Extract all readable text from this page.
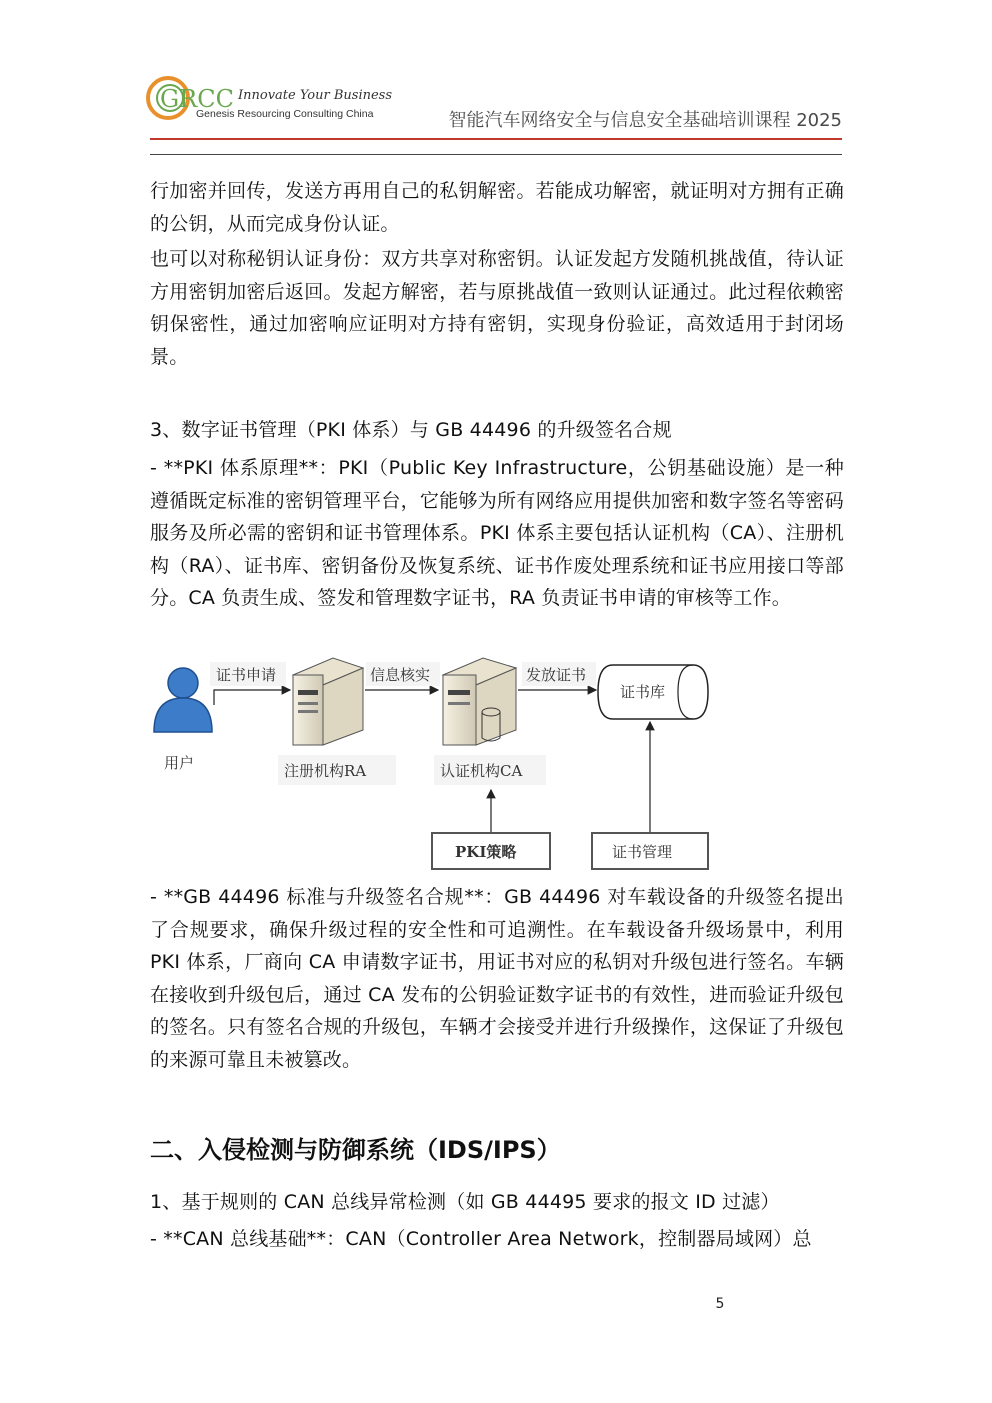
GRCC Innovate Your Business
Genesis Resourcing Consulting China	智能汽车网络安全与信息安全基础培训课程 2025
行加密并回传，发送方再用自己的私钥解密。若能成功解密，就证明对方拥有正确的公钥，从而完成身份认证。
也可以对称秘钥认证身份：双方共享对称密钥。认证发起方发随机挑战值，待认证方用密钥加密后返回。发起方解密，若与原挑战值一致则认证通过。此过程依赖密钥保密性，通过加密响应证明对方持有密钥，实现身份验证，高效适用于封闭场景。
3、数字证书管理（PKI 体系）与 GB 44496 的升级签名合规
- **PKI 体系原理**：PKI（Public Key Infrastructure，公钥基础设施）是一种遵循既定标准的密钥管理平台，它能够为所有网络应用提供加密和数字签名等密码服务及所必需的密钥和证书管理体系。PKI 体系主要包括认证机构（CA）、注册机构（RA）、证书库、密钥备份及恢复系统、证书作废处理系统和证书应用接口等部分。CA 负责生成、签发和管理数字证书，RA 负责证书申请的审核等工作。
用户
证书申请
注册机构RA
信息核实
认证机构CA
发放证书
证书库
PKI策略	证书管理
- **GB 44496 标准与升级签名合规**：GB 44496 对车载设备的升级签名提出了合规要求，确保升级过程的安全性和可追溯性。在车载设备升级场景中，利用 PKI 体系，厂商向 CA 申请数字证书，用证书对应的私钥对升级包进行签名。车辆在接收到升级包后，通过 CA 发布的公钥验证数字证书的有效性，进而验证升级包的签名。只有签名合规的升级包，车辆才会接受并进行升级操作，这保证了升级包的来源可靠且未被篡改。
二、入侵检测与防御系统（IDS/IPS）
1、基于规则的 CAN 总线异常检测（如 GB 44495 要求的报文 ID 过滤）
- **CAN 总线基础**：CAN（Controller Area Network，控制器局域网）总
5
